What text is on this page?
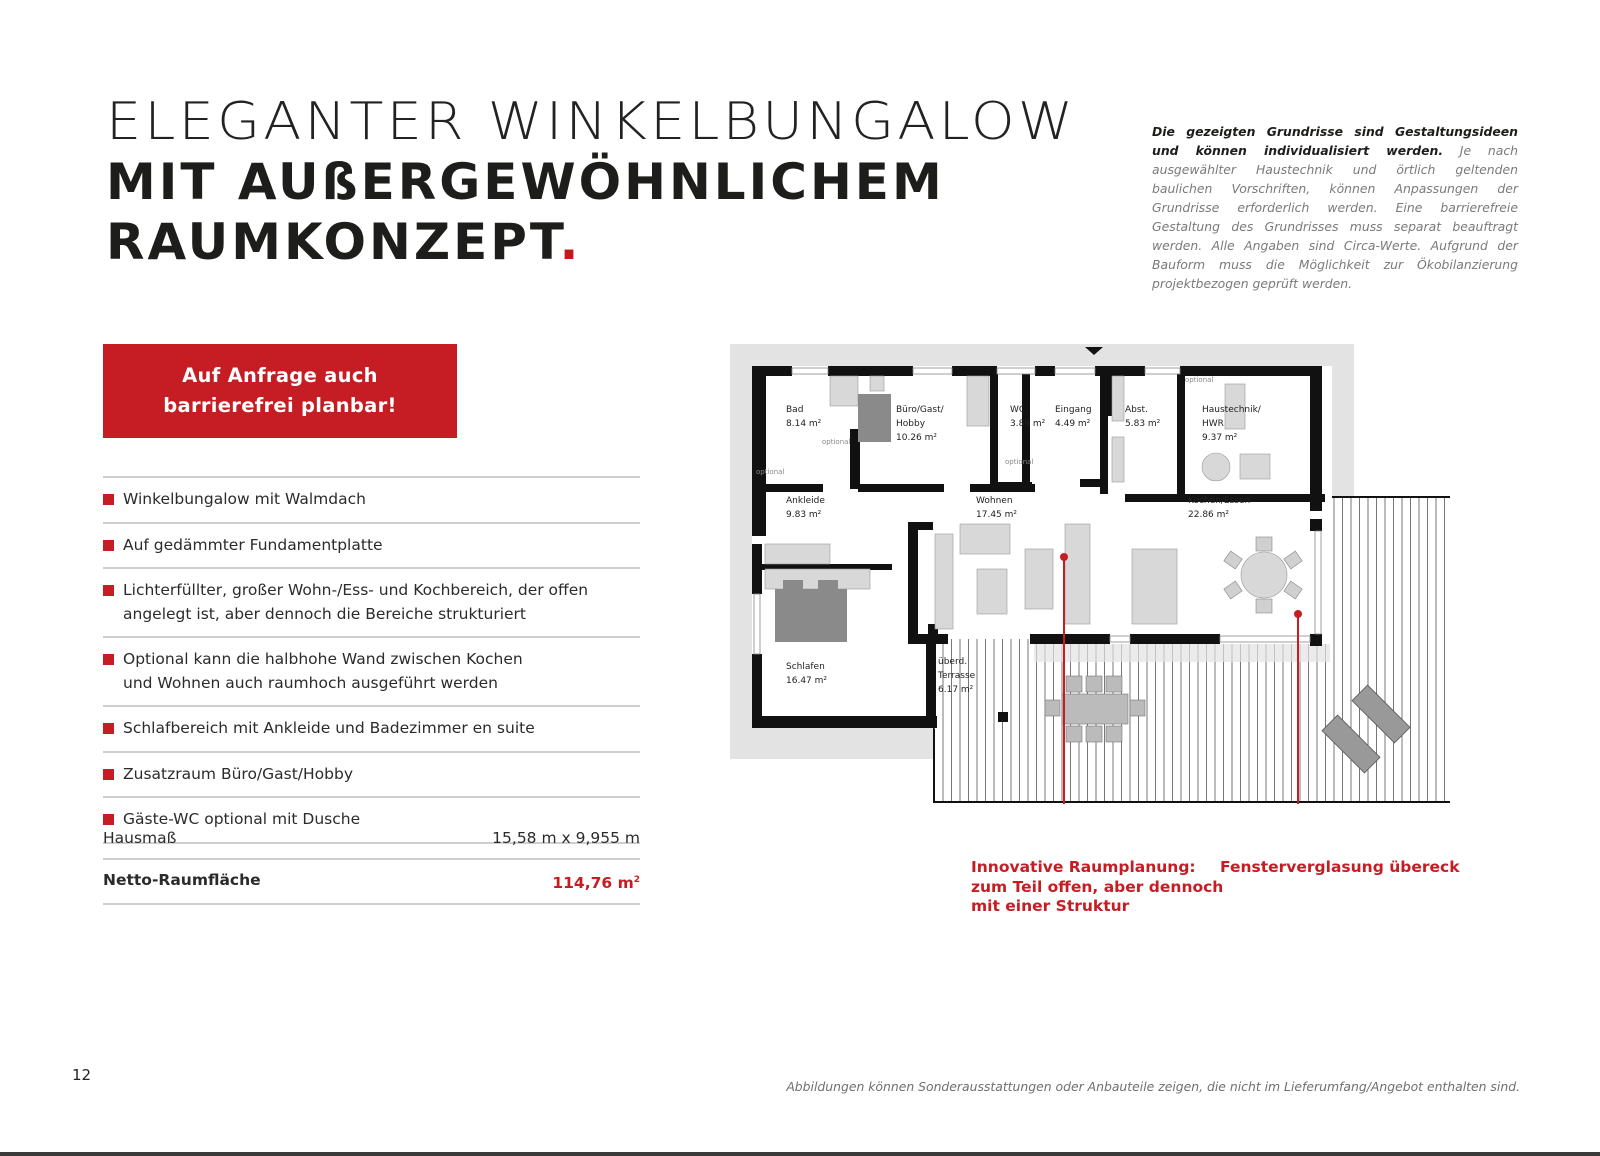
ELEGANTER WINKELBUNGALOW
MIT AUßERGEWÖHNLICHEM
RAUMKONZEPT.
Die gezeigten Grundrisse sind Gestaltungsideen und können individualisiert werden. Je nach ausgewählter Haustechnik und örtlich geltenden baulichen Vorschriften, können Anpassungen der Grundrisse erforderlich werden. Eine barrierefreie Gestaltung des Grundrisses muss separat beauftragt werden. Alle Angaben sind Circa-Werte. Aufgrund der Bauform muss die Möglichkeit zur Ökobilanzierung projektbezogen geprüft werden.
Auf Anfrage auch
barrierefrei planbar!
Winkelbungalow mit Walmdach
Auf gedämmter Fundamentplatte
Lichterfüllter, großer Wohn-/Ess- und Kochbereich, der offen angelegt ist, aber dennoch die Bereiche strukturiert
Optional kann die halbhohe Wand zwischen Kochen und Wohnen auch raumhoch ausgeführt werden
Schlafbereich mit Ankleide und Badezimmer en suite
Zusatzraum Büro/Gast/Hobby
Gäste-WC optional mit Dusche
Hausmaß	15,58 m x 9,955 m
Netto-Raumfläche	114,76 $m^2$
Bad 8.14 m²
Büro/Gast/ Hobby 10.26 m²
WC 3.89 m²
Eingang 4.49 m²
Abst. 5.83 m²
Haustechnik/ HWR 9.37 m²
Ankleide 9.83 m²
Wohnen 17.45 m²
Kochen/Essen 22.86 m²
Schlafen 16.47 m²
überd. Terrasse 6.17 m²
optional
optional
optional
optional
Innovative Raumplanung:
zum Teil offen, aber dennoch
mit einer Struktur
Fensterverglasung übereck
12
Abbildungen können Sonderausstattungen oder Anbauteile zeigen, die nicht im Lieferumfang/Angebot enthalten sind.
